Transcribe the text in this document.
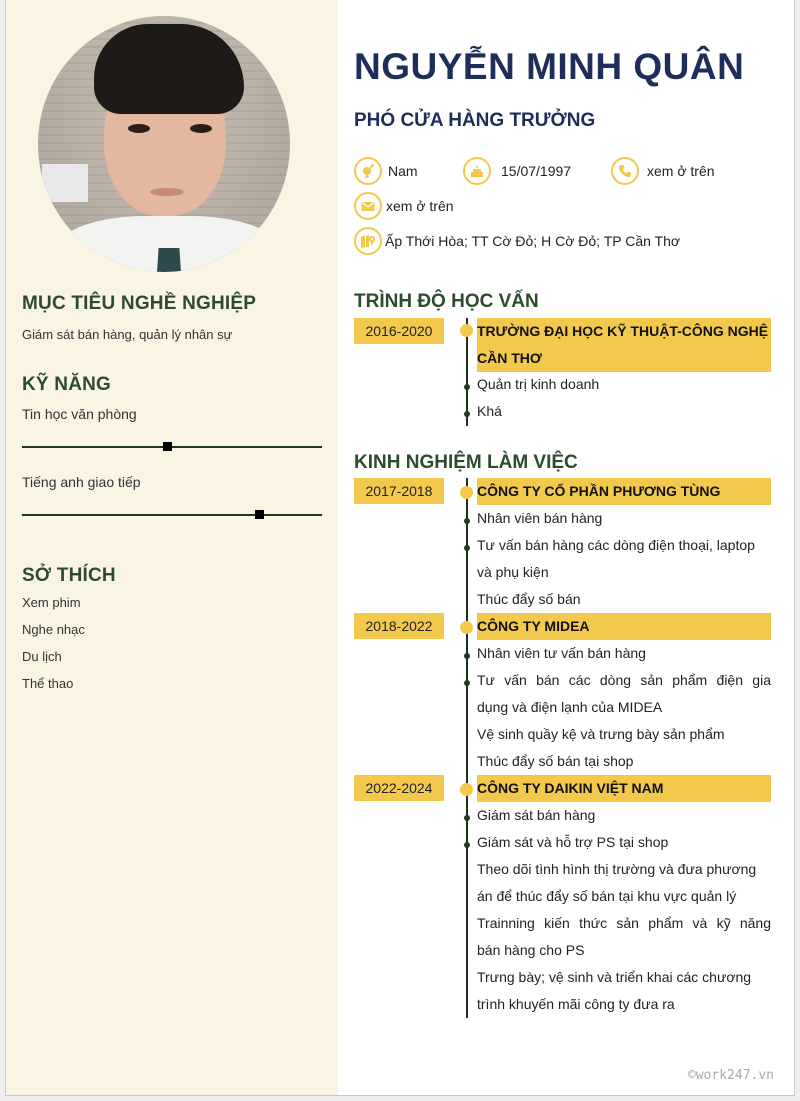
MỤC TIÊU NGHỀ NGHIỆP
Giám sát bán hàng, quản lý nhân sự
KỸ NĂNG
Tin học văn phòng
Tiếng anh giao tiếp
SỞ THÍCH
Xem phim
Nghe nhạc
Du lịch
Thể thao
NGUYỄN MINH QUÂN
PHÓ CỬA HÀNG TRƯỞNG
Nam	15/07/1997	xem ở trên
xem ở trên
Ấp Thới Hòa; TT Cờ Đỏ; H Cờ Đỏ; TP Cần Thơ
TRÌNH ĐỘ HỌC VẤN
2016-2020	TRƯỜNG ĐẠI HỌC KỸ THUẬT-CÔNG NGHỆ
CẦN THƠ
Quản trị kinh doanh
Khá
KINH NGHIỆM LÀM VIỆC
2017-2018	CÔNG TY CỔ PHẦN PHƯƠNG TÙNG
Nhân viên bán hàng
Tư vấn bán hàng các dòng điện thoại, laptop
và phụ kiện
Thúc đẩy số bán
2018-2022	CÔNG TY MIDEA
Nhân viên tư vấn bán hàng
Tư vấn bán các dòng sản phẩm điện gia
dụng và điện lạnh của MIDEA
Vệ sinh quầy kệ và trưng bày sản phẩm
Thúc đẩy số bán tại shop
2022-2024	CÔNG TY DAIKIN VIỆT NAM
Giám sát bán hàng
Giám sát và hỗ trợ PS tại shop
Theo dõi tình hình thị trường và đưa phương
án để thúc đẩy số bán tại khu vực quản lý
Trainning kiến thức sản phẩm và kỹ năng
bán hàng cho PS
Trưng bày; vệ sinh và triển khai các chương
trình khuyến mãi công ty đưa ra
©work247.vn
